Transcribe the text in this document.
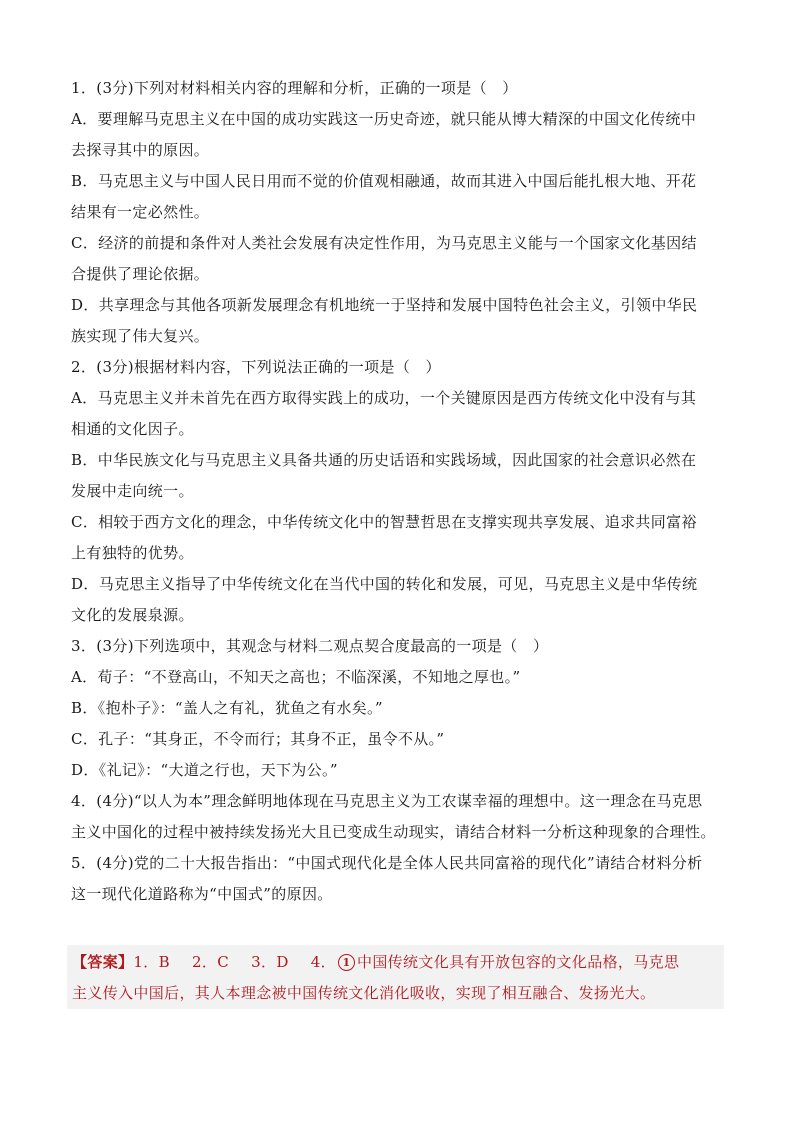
1．(3分)下列对材料相关内容的理解和分析，正确的一项是（　）
A．要理解马克思主义在中国的成功实践这一历史奇迹，就只能从博大精深的中国文化传统中
去探寻其中的原因。
B．马克思主义与中国人民日用而不觉的价值观相融通，故而其进入中国后能扎根大地、开花
结果有一定必然性。
C．经济的前提和条件对人类社会发展有决定性作用，为马克思主义能与一个国家文化基因结
合提供了理论依据。
D．共享理念与其他各项新发展理念有机地统一于坚持和发展中国特色社会主义，引领中华民
族实现了伟大复兴。
2．(3分)根据材料内容，下列说法正确的一项是（　）
A．马克思主义并未首先在西方取得实践上的成功，一个关键原因是西方传统文化中没有与其
相通的文化因子。
B．中华民族文化与马克思主义具备共通的历史话语和实践场域，因此国家的社会意识必然在
发展中走向统一。
C．相较于西方文化的理念，中华传统文化中的智慧哲思在支撑实现共享发展、追求共同富裕
上有独特的优势。
D．马克思主义指导了中华传统文化在当代中国的转化和发展，可见，马克思主义是中华传统
文化的发展泉源。
3．(3分)下列选项中，其观念与材料二观点契合度最高的一项是（　）
A．荀子：“不登高山，不知天之高也；不临深溪，不知地之厚也。”
B．《抱朴子》：“盖人之有礼，犹鱼之有水矣。”
C．孔子：“其身正，不令而行；其身不正，虽令不从。”
D．《礼记》：“大道之行也，天下为公。”
4．(4分)“以人为本”理念鲜明地体现在马克思主义为工农谋幸福的理想中。这一理念在马克思
主义中国化的过程中被持续发扬光大且已变成生动现实，请结合材料一分析这种现象的合理性。
5．(4分)党的二十大报告指出：“中国式现代化是全体人民共同富裕的现代化”请结合材料分析
这一现代化道路称为“中国式”的原因。
【答案】1．B 2．C 3．D 4． 1 中国传统文化具有开放包容的文化品格，马克思
主义传入中国后，其人本理念被中国传统文化消化吸收，实现了相互融合、发扬光大。
